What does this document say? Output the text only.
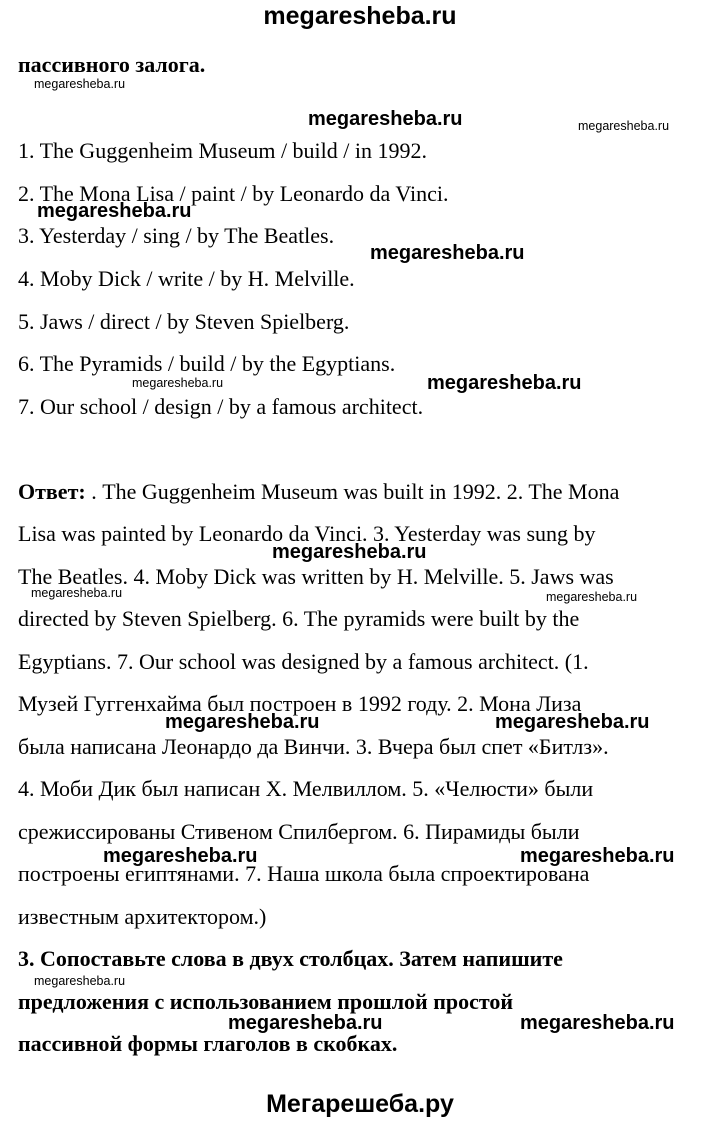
megaresheba.ru
пассивного залога.
1. The Guggenheim Museum / build / in 1992.
2. The Mona Lisa / paint / by Leonardo da Vinci.
3. Yesterday / sing / by The Beatles.
4. Moby Dick / write / by H. Melville.
5. Jaws / direct / by Steven Spielberg.
6. The Pyramids / build / by the Egyptians.
7. Our school / design / by a famous architect.
Ответ: . The Guggenheim Museum was built in 1992. 2. The Mona
Lisa was painted by Leonardo da Vinci. 3. Yesterday was sung by
The Beatles. 4. Moby Dick was written by H. Melville. 5. Jaws was
directed by Steven Spielberg. 6. The pyramids were built by the
Egyptians. 7. Our school was designed by a famous architect. (1.
Музей Гуггенхайма был построен в 1992 году. 2. Мона Лиза
была написана Леонардо да Винчи. 3. Вчера был спет «Битлз».
4. Моби Дик был написан Х. Мелвиллом. 5. «Челюсти» были
срежиссированы Стивеном Спилбергом. 6. Пирамиды были
построены египтянами. 7. Наша школа была спроектирована
известным архитектором.)
3. Сопоставьте слова в двух столбцах. Затем напишите
предложения с использованием прошлой простой
пассивной формы глаголов в скобках.
megaresheba.ru
megaresheba.ru	megaresheba.ru
megaresheba.ru
megaresheba.ru
megaresheba.ru	megaresheba.ru
megaresheba.ru
megaresheba.ru	megaresheba.ru
megaresheba.ru	megaresheba.ru
megaresheba.ru	megaresheba.ru
megaresheba.ru
megaresheba.ru	megaresheba.ru
Мегарешеба.ру
